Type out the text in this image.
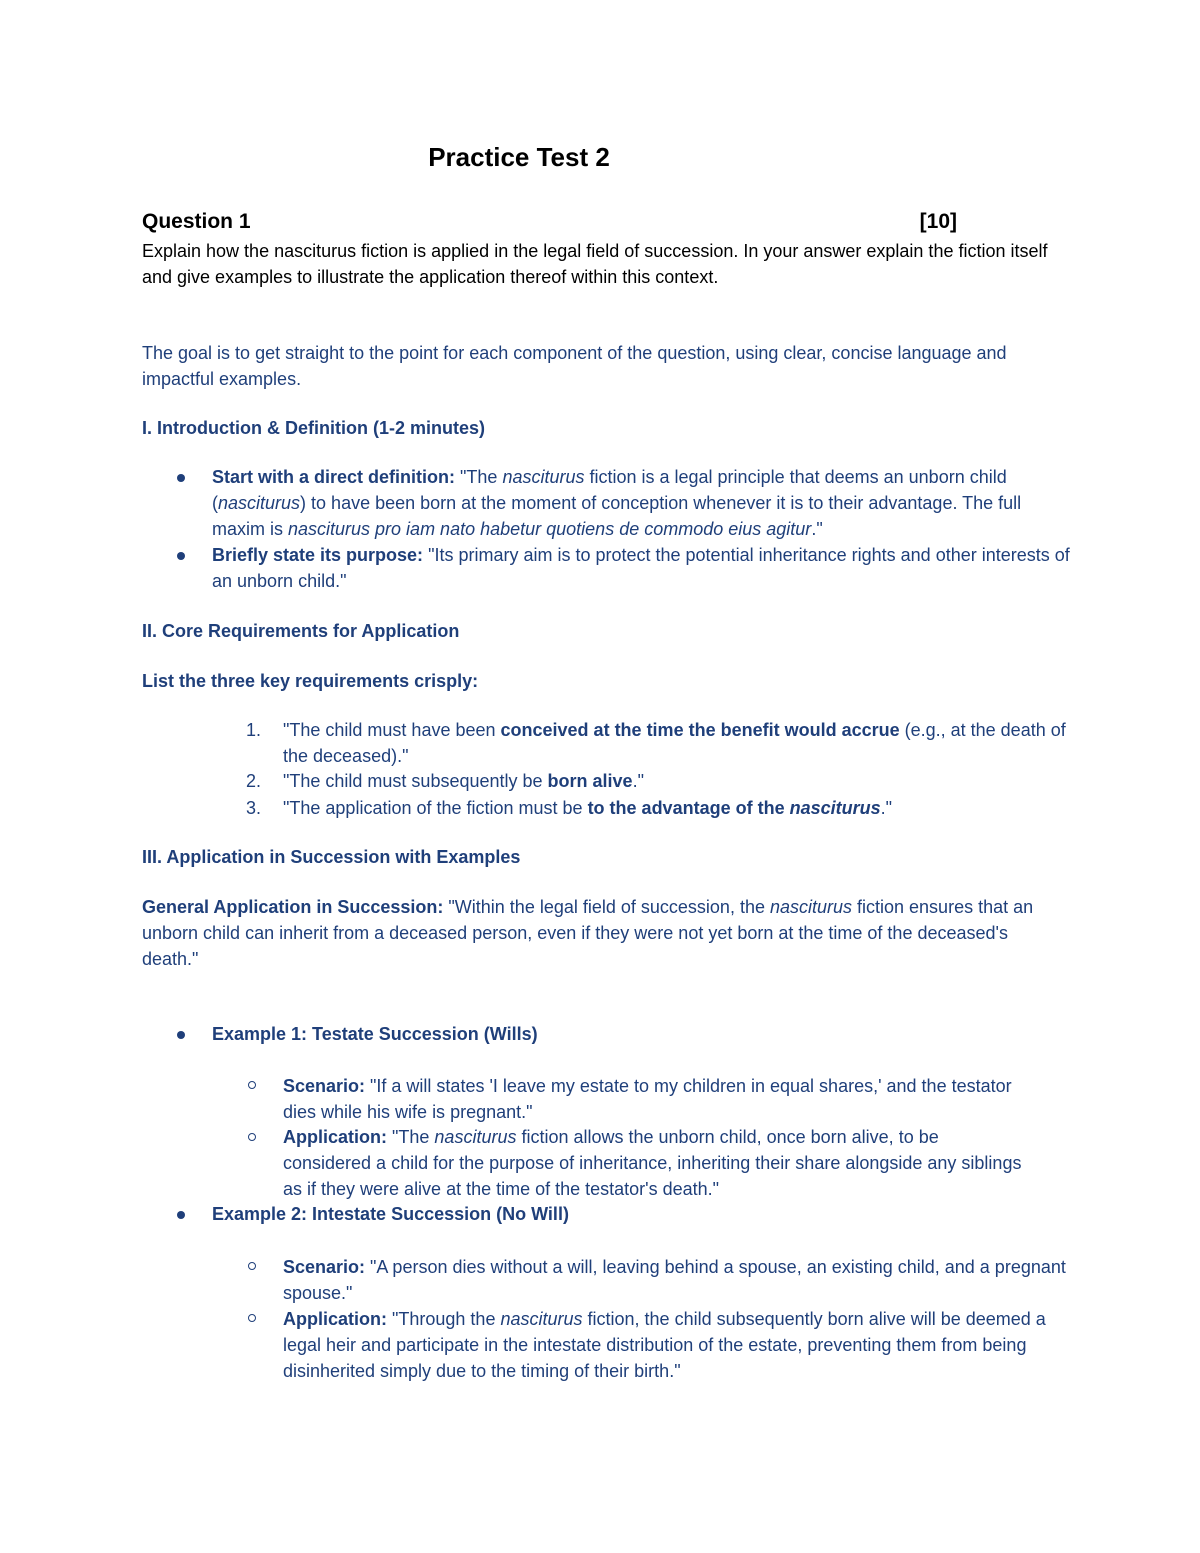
Practice Test 2
Question 1	[10]
Explain how the nasciturus fiction is applied in the legal field of succession. In your answer explain the fiction itself and give examples to illustrate the application thereof within this context.

The goal is to get straight to the point for each component of the question, using clear, concise language and impactful examples.

I. Introduction & Definition (1-2 minutes)

Start with a direct definition: "The nasciturus fiction is a legal principle that deems an unborn child (nasciturus) to have been born at the moment of conception whenever it is to their advantage. The full maxim is nasciturus pro iam nato habetur quotiens de commodo eius agitur."
Briefly state its purpose: "Its primary aim is to protect the potential inheritance rights and other interests of an unborn child."

II. Core Requirements for Application

List the three key requirements crisply:

1. "The child must have been conceived at the time the benefit would accrue (e.g., at the death of the deceased)."
2. "The child must subsequently be born alive."
3. "The application of the fiction must be to the advantage of the nasciturus."

III. Application in Succession with Examples

General Application in Succession: "Within the legal field of succession, the nasciturus fiction ensures that an unborn child can inherit from a deceased person, even if they were not yet born at the time of the deceased's death."

Example 1: Testate Succession (Wills)
Scenario: "If a will states 'I leave my estate to my children in equal shares,' and the testator dies while his wife is pregnant."
Application: "The nasciturus fiction allows the unborn child, once born alive, to be considered a child for the purpose of inheritance, inheriting their share alongside any siblings as if they were alive at the time of the testator's death."
Example 2: Intestate Succession (No Will)
Scenario: "A person dies without a will, leaving behind a spouse, an existing child, and a pregnant spouse."
Application: "Through the nasciturus fiction, the child subsequently born alive will be deemed a legal heir and participate in the intestate distribution of the estate, preventing them from being disinherited simply due to the timing of their birth."
